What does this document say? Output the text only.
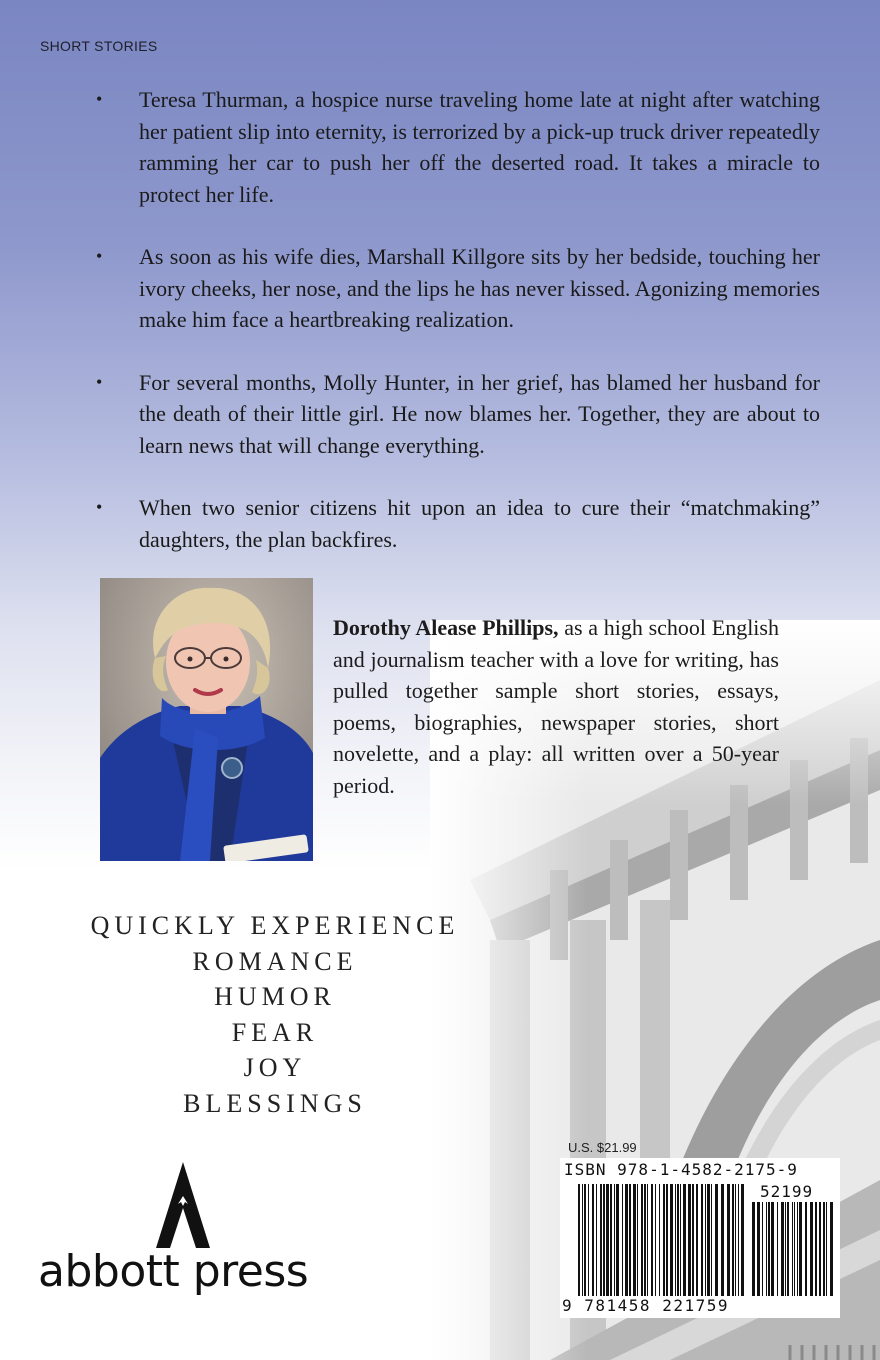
SHORT STORIES
• Teresa Thurman, a hospice nurse traveling home late at night after watching her patient slip into eternity, is terrorized by a pick-up truck driver repeatedly ramming her car to push her off the deserted road. It takes a miracle to protect her life.
• As soon as his wife dies, Marshall Killgore sits by her bedside, touching her ivory cheeks, her nose, and the lips he has never kissed. Agonizing memories make him face a heartbreaking realization.
• For several months, Molly Hunter, in her grief, has blamed her husband for the death of their little girl. He now blames her. Together, they are about to learn news that will change everything.
• When two senior citizens hit upon an idea to cure their “matchmaking” daughters, the plan backfires.
Dorothy Alease Phillips, as a high school English and journalism teacher with a love for writing, has pulled together sample short stories, essays, poems, biographies, newspaper stories, short novelette, and a play: all written over a 50-year period.
QUICKLY EXPERIENCE
ROMANCE
HUMOR
FEAR
JOY
BLESSINGS
U.S. $21.99
ISBN 978-1-4582-2175-9
52199
9 781458 221759
abbott press
